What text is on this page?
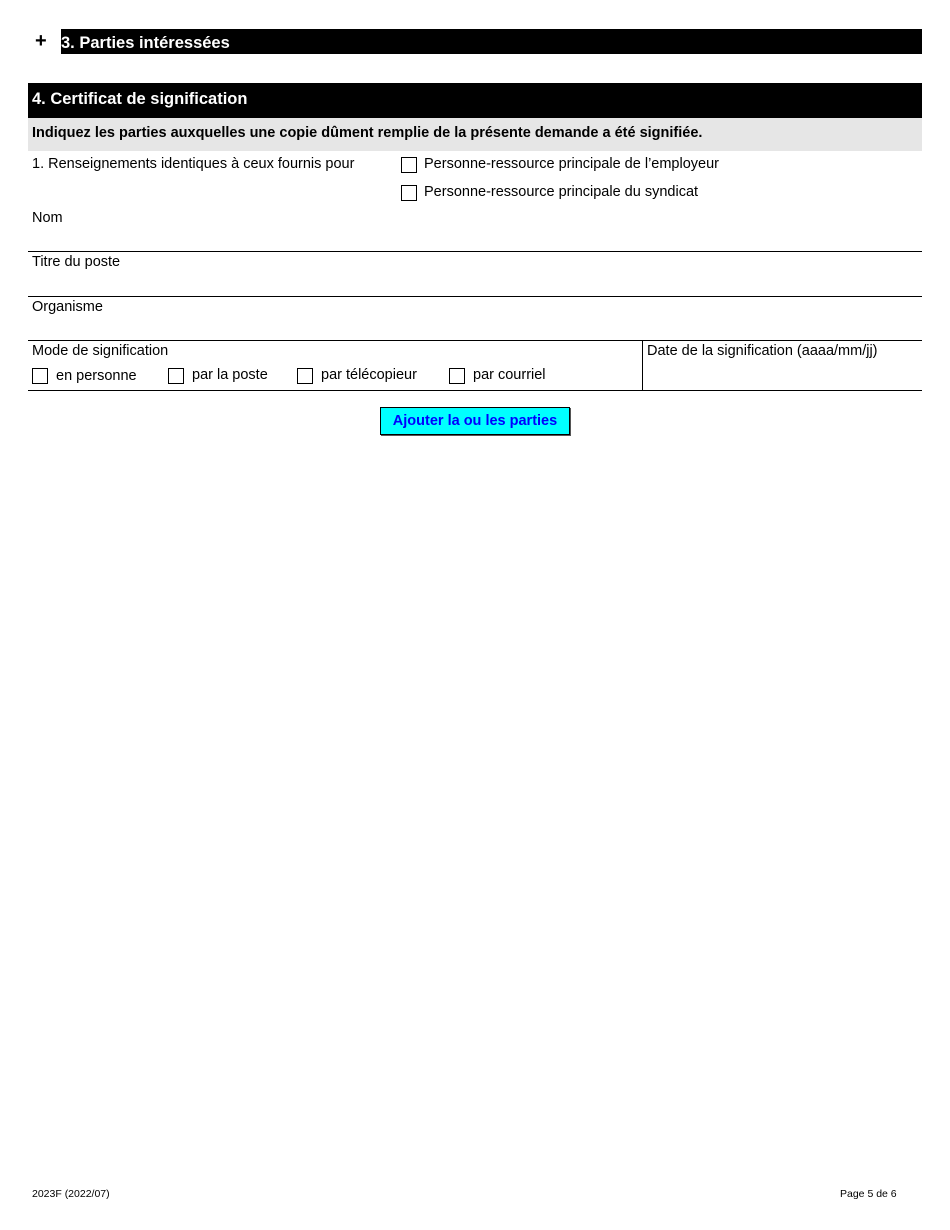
+ 3. Parties intéressées
4. Certificat de signification
Indiquez les parties auxquelles une copie dûment remplie de la présente demande a été signifiée.
1. Renseignements identiques à ceux fournis pour	Personne-ressource principale de l’employeur
Personne-ressource principale du syndicat
Nom
Titre du poste
Organisme
Mode de signification
en personne	par la poste	par télécopieur	par courriel
Date de la signification (aaaa/mm/jj)
Ajouter la ou les parties
2023F (2022/07)	Page 5 de 6
